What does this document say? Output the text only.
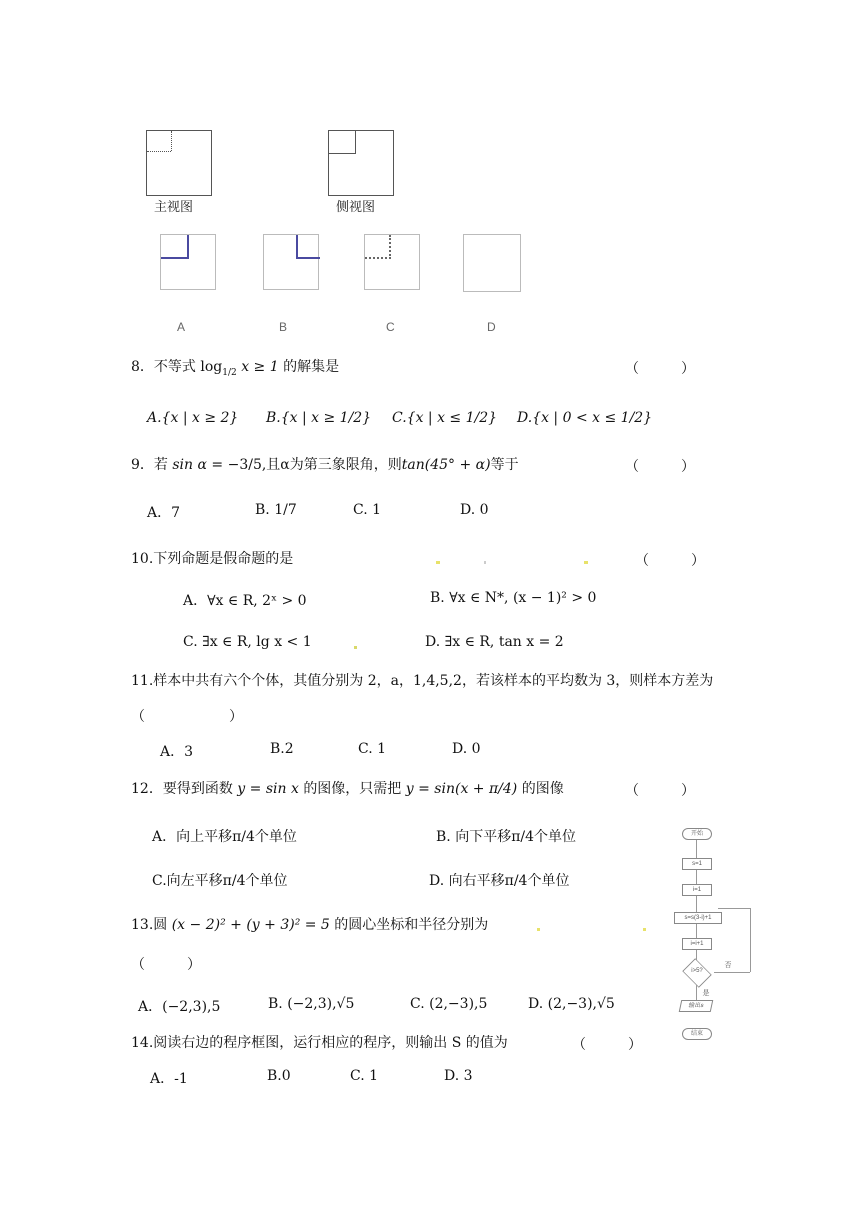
主视图	侧视图
A	B	C	D
8．不等式 $\log_{1/2} x \ge 1$ 的解集是	（　　　）
A.{x | x ≥ 2} B.{x | x ≥ 1/2} C.{x | x ≤ 1/2} D.{x | 0 < x ≤ 1/2}
9．若 sin α = −3/5,且α为第三象限角，则tan(45° + α)等于	（　　　）
A．7	B. 1/7	C. 1	D. 0
10.下列命题是假命题的是	（　　　）
A．∀x ∈ R, 2ˣ > 0	B. ∀x ∈ N*, (x − 1)² > 0
C. ∃x ∈ R, lg x < 1	D. ∃x ∈ R, tan x = 2
11.样本中共有六个个体，其值分别为 2，a，1,4,5,2，若该样本的平均数为 3，则样本方差为
（　　　　　　）
A．3	B.2	C. 1	D. 0
12．要得到函数 y = sin x 的图像，只需把 y = sin(x + π/4) 的图像	（　　　）
A．向上平移π/4个单位	B. 向下平移π/4个单位
C.向左平移π/4个单位	D. 向右平移π/4个单位
13.圆 (x − 2)² + (y + 3)² = 5 的圆心坐标和半径分别为
（　　　）
A．(−2,3),5	B. (−2,3),√5	C. (2,−3),5	D. (2,−3),√5
14.阅读右边的程序框图，运行相应的程序，则输出 S 的值为	（　　　）
A．-1	B.0	C. 1	D. 3
开始
s=1
i=1
s=s(3-i)+1
i=i+1
i>5?
否
是
输出s
结束
